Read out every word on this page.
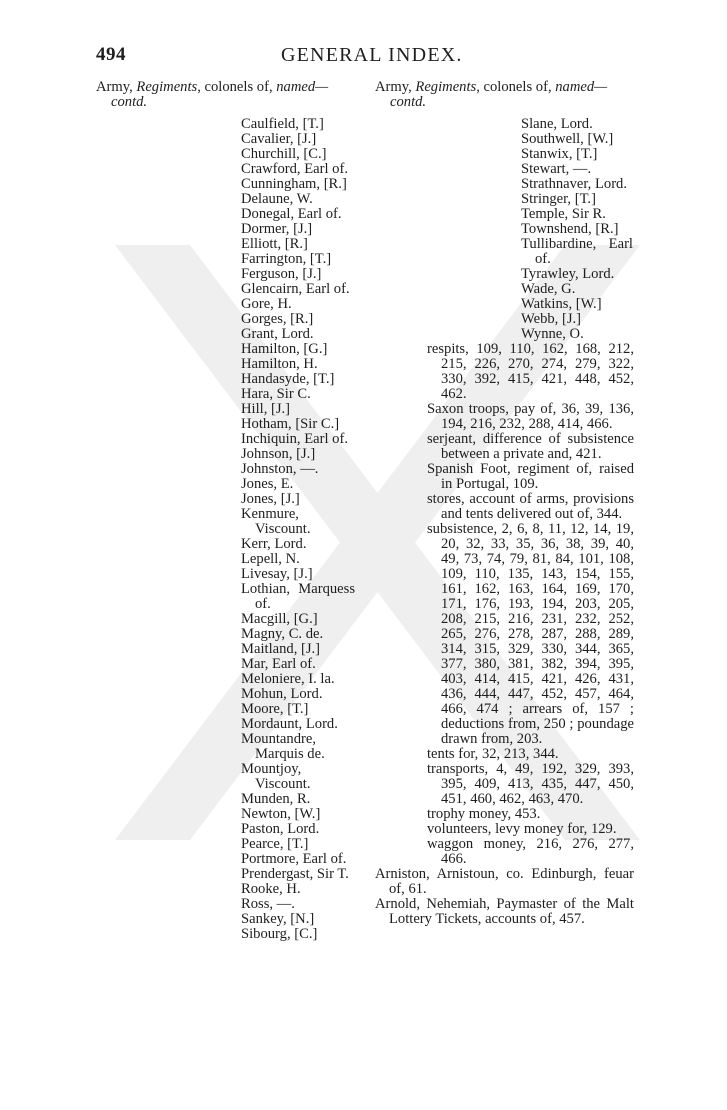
494	GENERAL INDEX.
Army, Regiments, colonels of, named—
contd.
Caulfield, [T.]
Cavalier, [J.]
Churchill, [C.]
Crawford, Earl of.
Cunningham, [R.]
Delaune, W.
Donegal, Earl of.
Dormer, [J.]
Elliott, [R.]
Farrington, [T.]
Ferguson, [J.]
Glencairn, Earl of.
Gore, H.
Gorges, [R.]
Grant, Lord.
Hamilton, [G.]
Hamilton, H.
Handasyde, [T.]
Hara, Sir C.
Hill, [J.]
Hotham, [Sir C.]
Inchiquin, Earl of.
Johnson, [J.]
Johnston, —.
Jones, E.
Jones, [J.]
Kenmure, Viscount.
Kerr, Lord.
Lepell, N.
Livesay, [J.]
Lothian, Marquess of.
Macgill, [G.]
Magny, C. de.
Maitland, [J.]
Mar, Earl of.
Meloniere, I. la.
Mohun, Lord.
Moore, [T.]
Mordaunt, Lord.
Mountandre, Marquis de.
Mountjoy, Viscount.
Munden, R.
Newton, [W.]
Paston, Lord.
Pearce, [T.]
Portmore, Earl of.
Prendergast, Sir T.
Rooke, H.
Ross, —.
Sankey, [N.]
Sibourg, [C.]
Army, Regiments, colonels of, named—
contd.
Slane, Lord.
Southwell, [W.]
Stanwix, [T.]
Stewart, —.
Strathnaver, Lord.
Stringer, [T.]
Temple, Sir R.
Townshend, [R.]
Tullibardine, Earl of.
Tyrawley, Lord.
Wade, G.
Watkins, [W.]
Webb, [J.]
Wynne, O.
respits, 109, 110, 162, 168, 212, 215, 226, 270, 274, 279, 322, 330, 392, 415, 421, 448, 452, 462.
Saxon troops, pay of, 36, 39, 136, 194, 216, 232, 288, 414, 466.
serjeant, difference of subsistence between a private and, 421.
Spanish Foot, regiment of, raised in Portugal, 109.
stores, account of arms, provisions and tents delivered out of, 344.
subsistence, 2, 6, 8, 11, 12, 14, 19, 20, 32, 33, 35, 36, 38, 39, 40, 49, 73, 74, 79, 81, 84, 101, 108, 109, 110, 135, 143, 154, 155, 161, 162, 163, 164, 169, 170, 171, 176, 193, 194, 203, 205, 208, 215, 216, 231, 232, 252, 265, 276, 278, 287, 288, 289, 314, 315, 329, 330, 344, 365, 377, 380, 381, 382, 394, 395, 403, 414, 415, 421, 426, 431, 436, 444, 447, 452, 457, 464, 466, 474 ; arrears of, 157 ; deductions from, 250 ; poundage drawn from, 203.
tents for, 32, 213, 344.
transports, 4, 49, 192, 329, 393, 395, 409, 413, 435, 447, 450, 451, 460, 462, 463, 470.
trophy money, 453.
volunteers, levy money for, 129.
waggon money, 216, 276, 277, 466.
Arniston, Arnistoun, co. Edinburgh, feuar of, 61.
Arnold, Nehemiah, Paymaster of the Malt Lottery Tickets, accounts of, 457.
